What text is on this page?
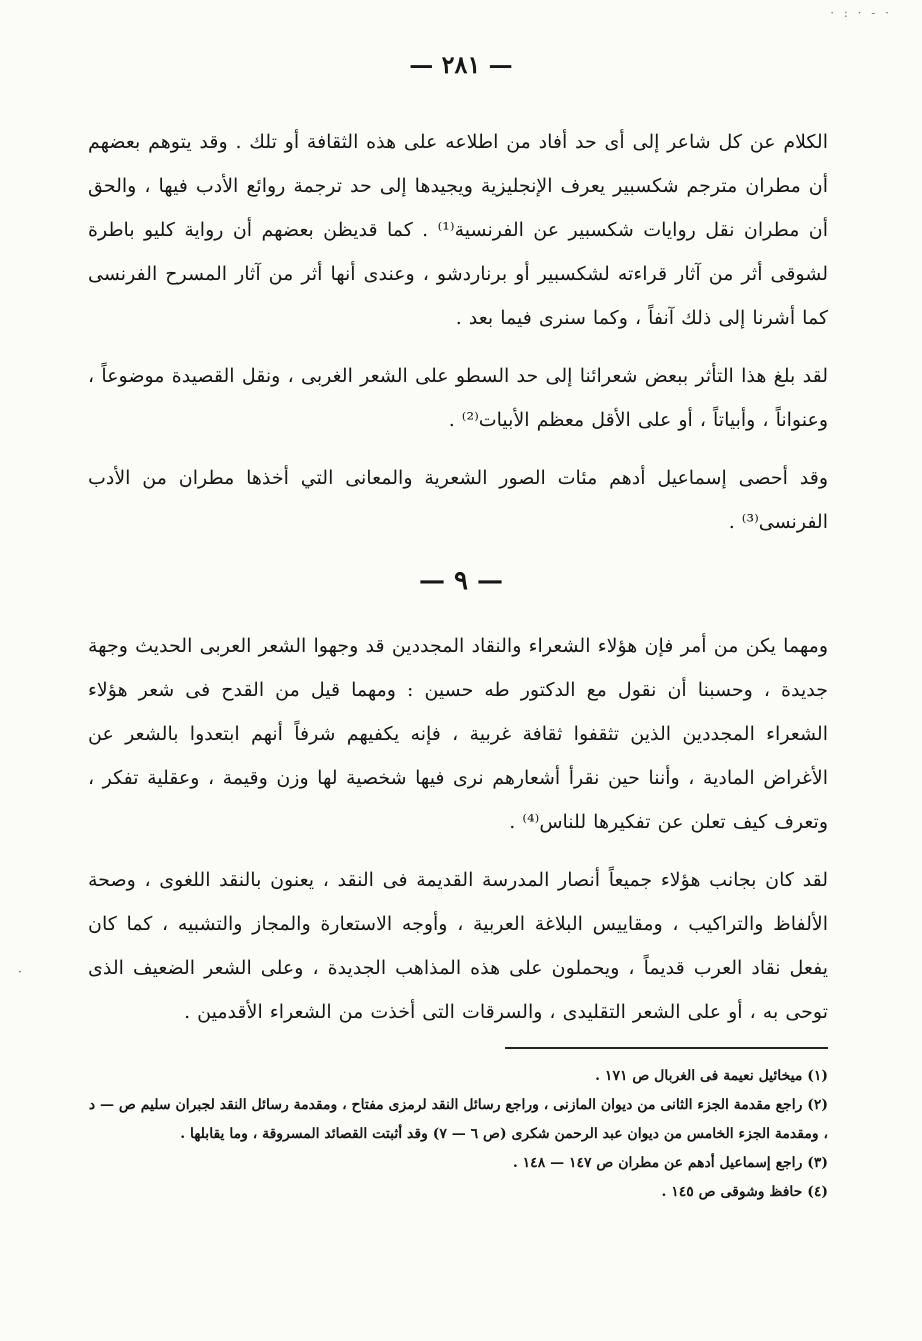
· : · - ·
·
— ٢٨١ —

الكلام عن كل شاعر إلى أى حد أفاد من اطلاعه على هذه الثقافة أو تلك . وقد يتوهم بعضهم أن مطران مترجم شكسبير يعرف الإنجليزية ويجيدها إلى حد ترجمة روائع الأدب فيها ، والحق أن مطران نقل روايات شكسبير عن الفرنسية⁽¹⁾ . كما قديظن بعضهم أن رواية كليو باطرة لشوقى أثر من آثار قراءته لشكسبير أو برناردشو ، وعندى أنها أثر من آثار المسرح الفرنسى كما أشرنا إلى ذلك آنفاً ، وكما سنرى فيما بعد .

لقد بلغ هذا التأثر ببعض شعرائنا إلى حد السطو على الشعر الغربى ، ونقل القصيدة موضوعاً ، وعنواناً ، وأبياتاً ، أو على الأقل معظم الأبيات⁽²⁾ .

وقد أحصى إسماعيل أدهم مئات الصور الشعرية والمعانى التي أخذها مطران من الأدب الفرنسى⁽³⁾ .

— ٩ —

ومهما يكن من أمر فإن هؤلاء الشعراء والنقاد المجددين قد وجهوا الشعر العربى الحديث وجهة جديدة ، وحسبنا أن نقول مع الدكتور طه حسين : ومهما قيل من القدح فى شعر هؤلاء الشعراء المجددين الذين تثقفوا ثقافة غربية ، فإنه يكفيهم شرفاً أنهم ابتعدوا بالشعر عن الأغراض المادية ، وأننا حين نقرأ أشعارهم نرى فيها شخصية لها وزن وقيمة ، وعقلية تفكر ، وتعرف كيف تعلن عن تفكيرها للناس⁽⁴⁾ .

لقد كان بجانب هؤلاء جميعاً أنصار المدرسة القديمة فى النقد ، يعنون بالنقد اللغوى ، وصحة الألفاظ والتراكيب ، ومقاييس البلاغة العربية ، وأوجه الاستعارة والمجاز والتشبيه ، كما كان يفعل نقاد العرب قديماً ، ويحملون على هذه المذاهب الجديدة ، وعلى الشعر الضعيف الذى توحى به ، أو على الشعر التقليدى ، والسرقات التى أخذت من الشعراء الأقدمين .

(١) ميخائيل نعيمة فى الغربال ص ١٧١ .

(٢) راجع مقدمة الجزء الثانى من ديوان المازنى ، وراجع رسائل النقد لرمزى مفتاح ، ومقدمة رسائل النقد لجبران سليم ص — د ، ومقدمة الجزء الخامس من ديوان عبد الرحمن شكرى (ص ٦ — ٧) وقد أثبتت القصائد المسروقة ، وما يقابلها .

(٣) راجع إسماعيل أدهم عن مطران ص ١٤٧ — ١٤٨ .

(٤) حافظ وشوقى ص ١٤٥ .
